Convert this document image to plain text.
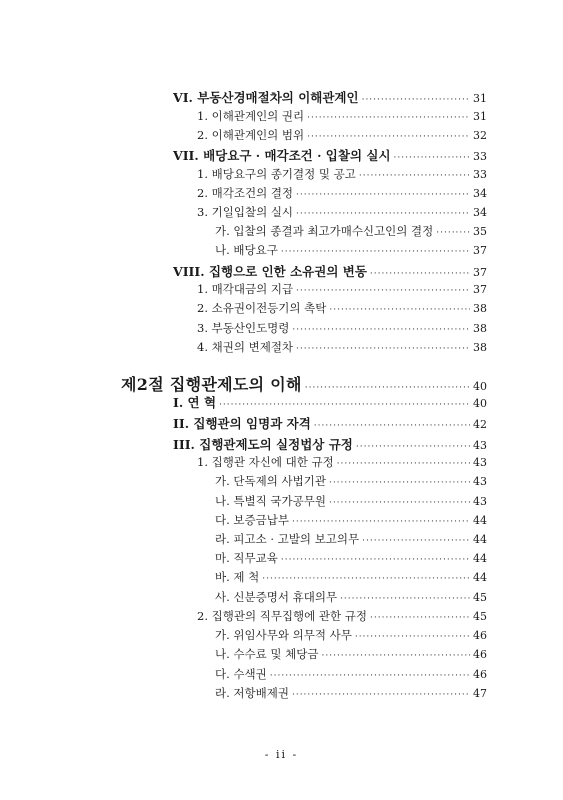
VI. 부동산경매절차의 이해관계인 ·····	31
1. 이해관계인의 권리 ·····	31
2. 이해관계인의 범위 ·····	32
VII. 배당요구 · 매각조건 · 입찰의 실시 ·····	33
1. 배당요구의 종기결정 및 공고 ·····	33
2. 매각조건의 결정 ·····	34
3. 기일입찰의 실시 ·····	34
가. 입찰의 종결과 최고가매수신고인의 결정 ·····	35
나. 배당요구 ·····	37
VIII. 집행으로 인한 소유권의 변동 ·····	37
1. 매각대금의 지급 ·····	37
2. 소유권이전등기의 촉탁 ·····	38
3. 부동산인도명령 ·····	38
4. 채권의 변제절차 ·····	38
제2절 집행관제도의 이해 ·····	40
I. 연 혁 ·····	40
II. 집행관의 임명과 자격 ·····	42
III. 집행관제도의 실정법상 규정 ·····	43
1. 집행관 자신에 대한 규정 ·····	43
가. 단독제의 사법기관 ·····	43
나. 특별직 국가공무원 ·····	43
다. 보증금납부 ·····	44
라. 피고소 · 고발의 보고의무 ·····	44
마. 직무교육 ·····	44
바. 제 척 ·····	44
사. 신분증명서 휴대의무 ·····	45
2. 집행관의 직무집행에 관한 규정 ·····	45
가. 위임사무와 의무적 사무 ·····	46
나. 수수료 및 체당금 ·····	46
다. 수색권 ·····	46
라. 저항배제권 ·····	47
- ii -
